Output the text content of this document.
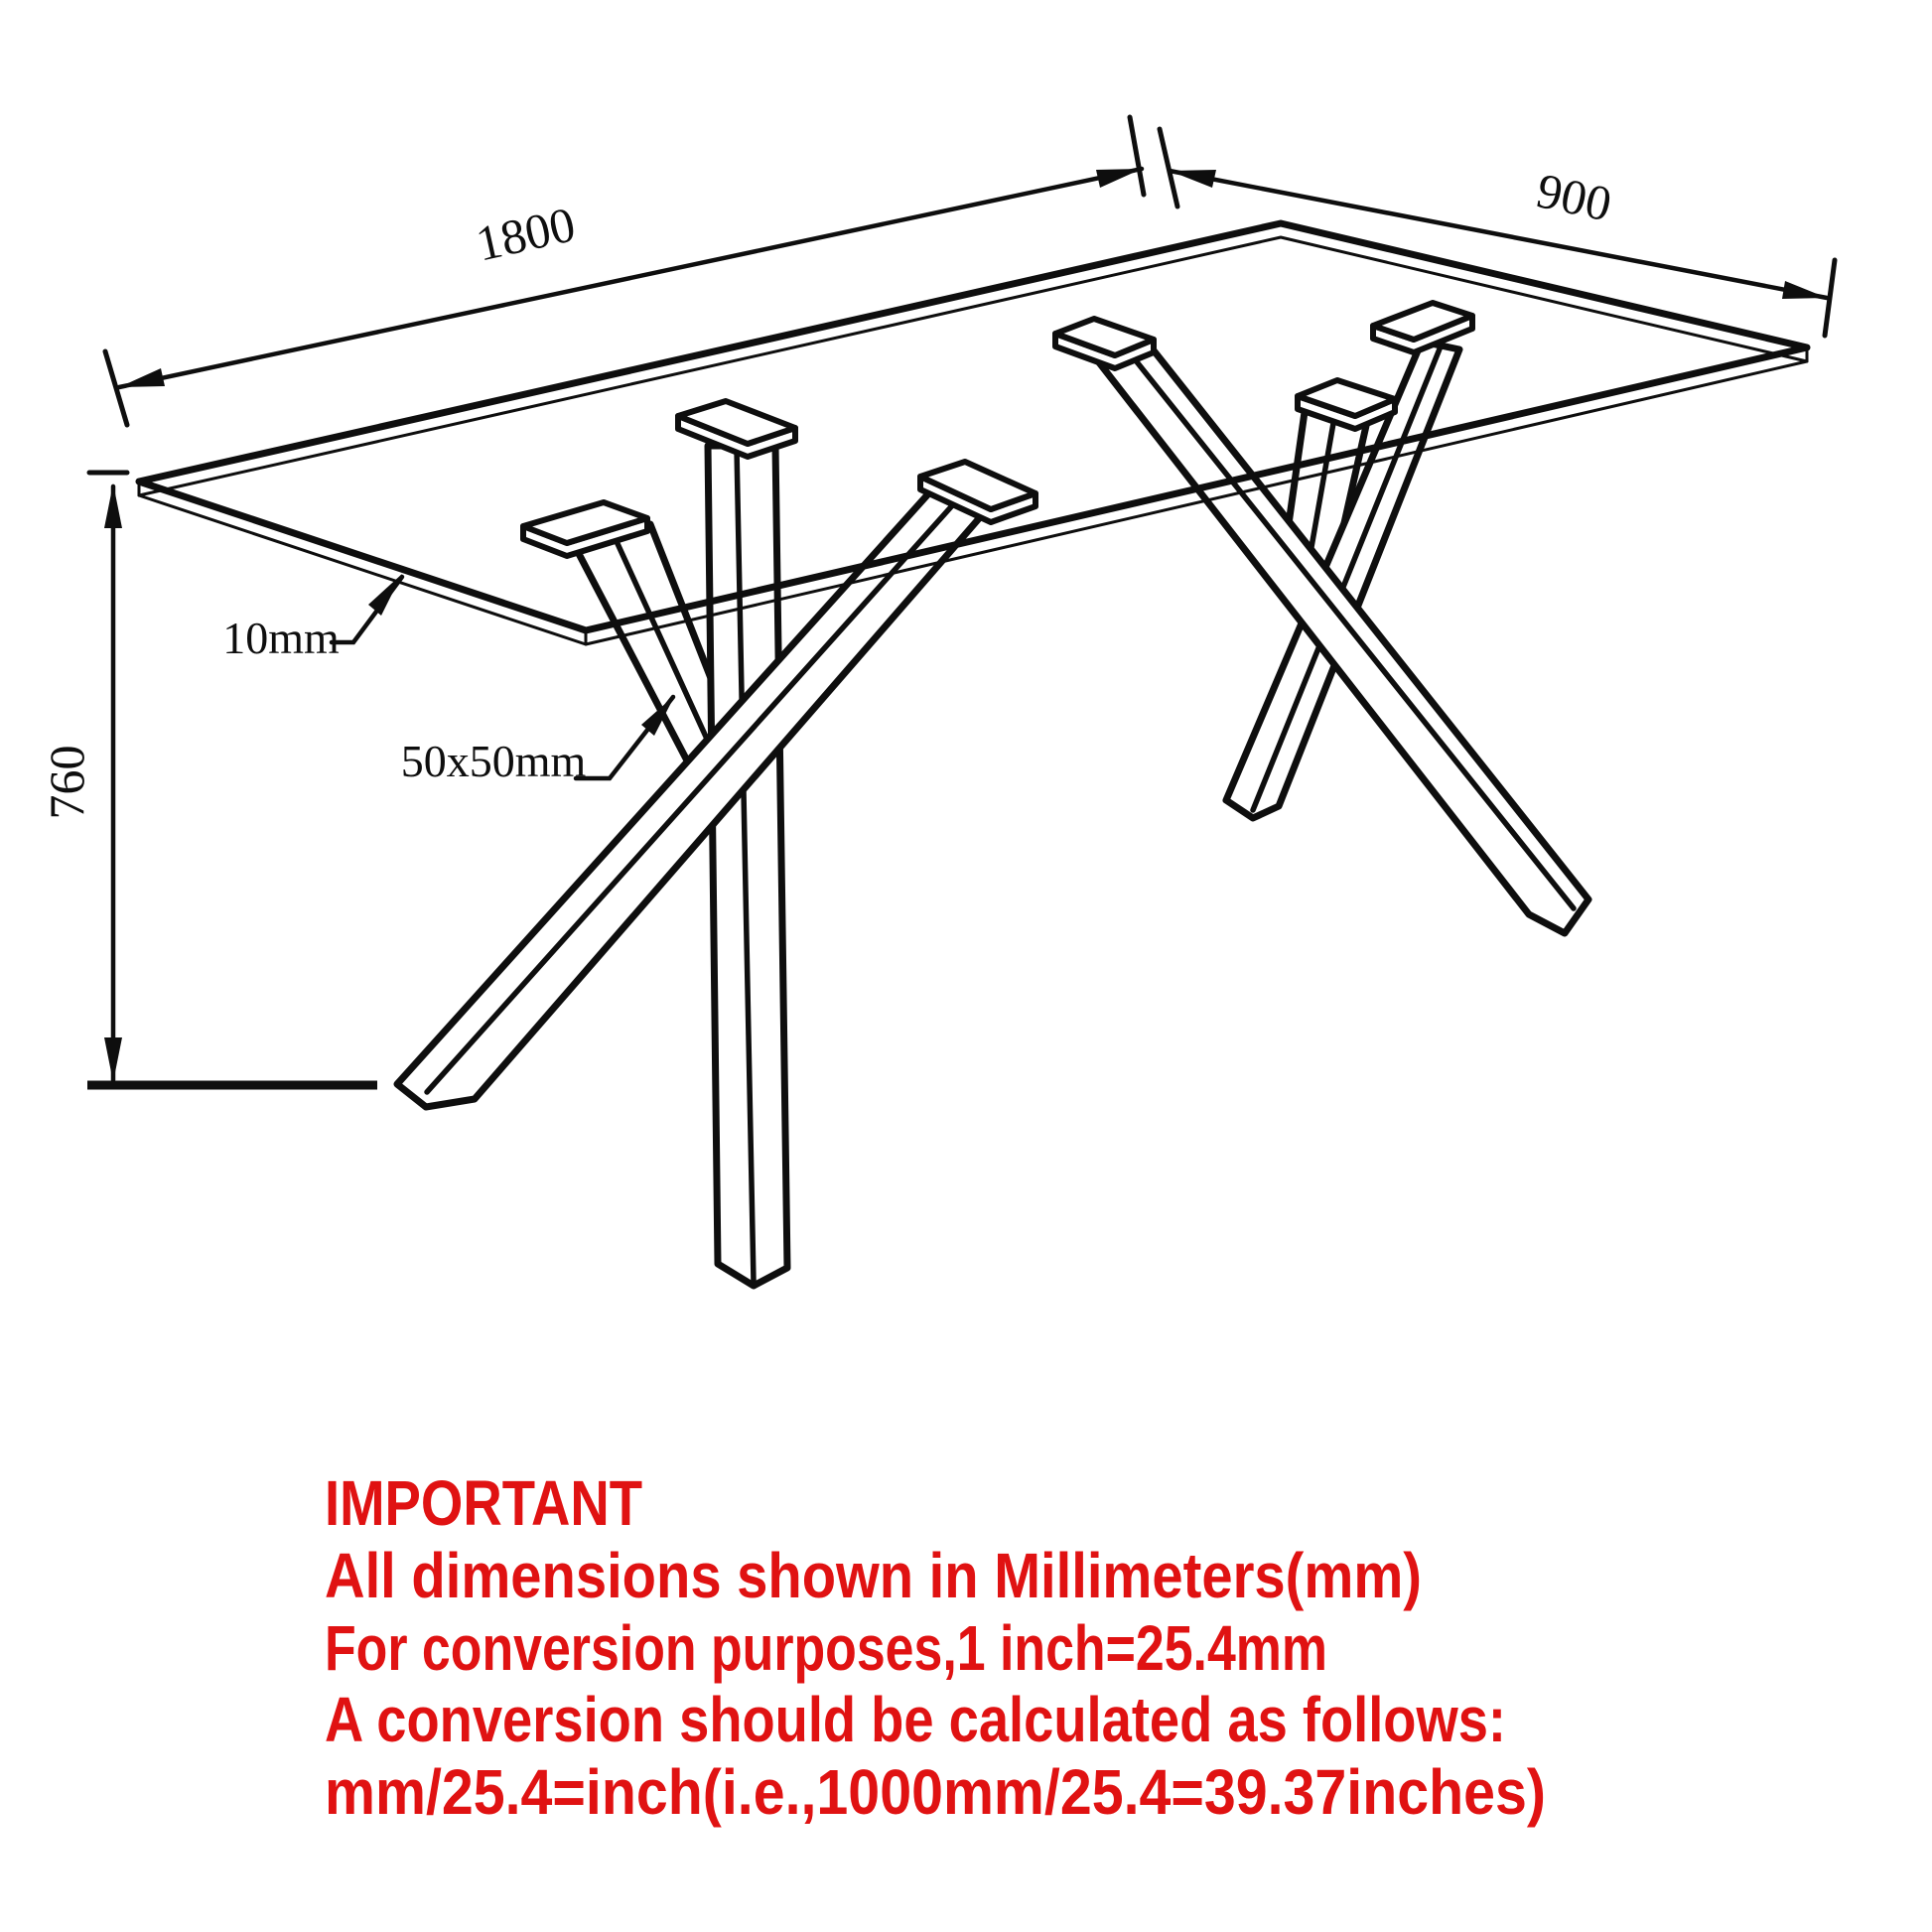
1800	900
760
10mm
50x50mm
IMPORTANT
All dimensions shown in Millimeters(mm)
For conversion purposes,1 inch=25.4mm
A conversion should be calculated as follows:
mm/25.4=inch(i.e.,1000mm/25.4=39.37inches)
